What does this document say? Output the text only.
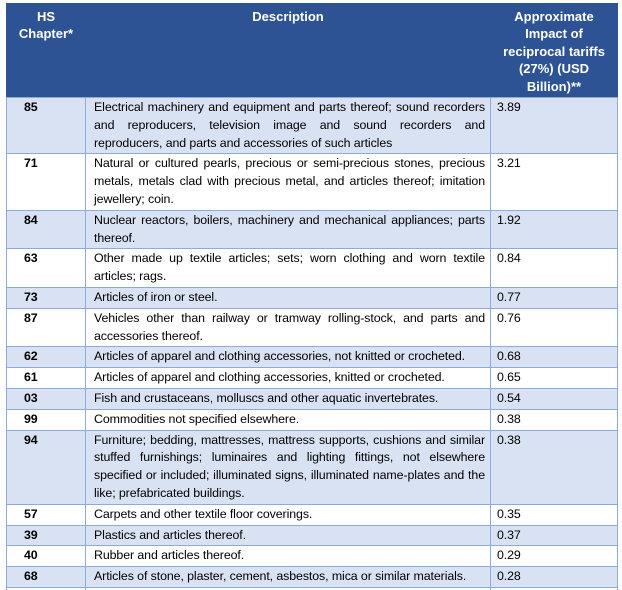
HS Chapter*	Description	Approximate Impact of reciprocal tariffs (27%) (USD Billion)**
85	Electrical machinery and equipment and parts thereof; sound recorders and reproducers, television image and sound recorders and reproducers, and parts and accessories of such articles	3.89
71	Natural or cultured pearls, precious or semi-precious stones, precious metals, metals clad with precious metal, and articles thereof; imitation jewellery; coin.	3.21
84	Nuclear reactors, boilers, machinery and mechanical appliances; parts thereof.	1.92
63	Other made up textile articles; sets; worn clothing and worn textile articles; rags.	0.84
73	Articles of iron or steel.	0.77
87	Vehicles other than railway or tramway rolling-stock, and parts and accessories thereof.	0.76
62	Articles of apparel and clothing accessories, not knitted or crocheted.	0.68
61	Articles of apparel and clothing accessories, knitted or crocheted.	0.65
03	Fish and crustaceans, molluscs and other aquatic invertebrates.	0.54
99	Commodities not specified elsewhere.	0.38
94	Furniture; bedding, mattresses, mattress supports, cushions and similar stuffed furnishings; luminaires and lighting fittings, not elsewhere specified or included; illuminated signs, illuminated name-plates and the like; prefabricated buildings.	0.38
57	Carpets and other textile floor coverings.	0.35
39	Plastics and articles thereof.	0.37
40	Rubber and articles thereof.	0.29
68	Articles of stone, plaster, cement, asbestos, mica or similar materials.	0.28
